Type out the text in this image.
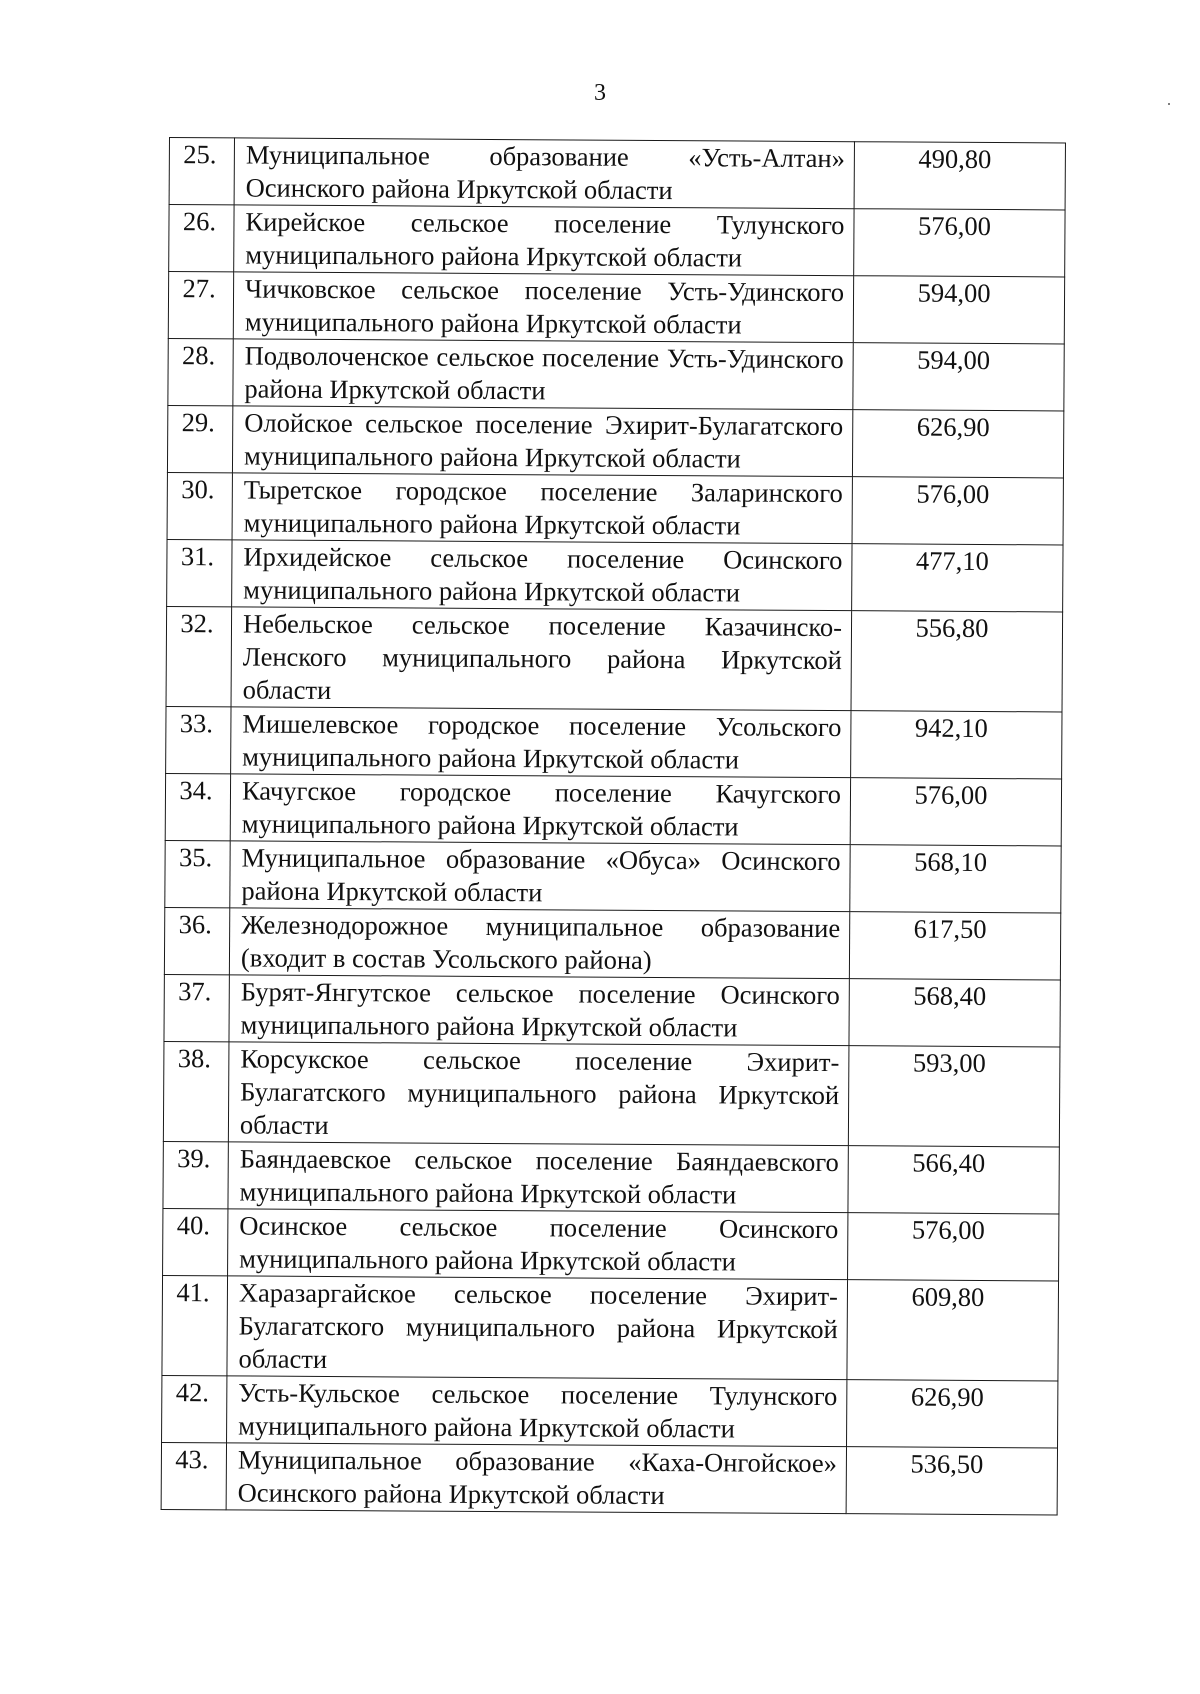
3
25.	Муниципальное образование «Усть-Алтан» Осинского района Иркутской области	490,80
26.	Кирейское сельское поселение Тулунского муниципального района Иркутской области	576,00
27.	Чичковское сельское поселение Усть-Удинского муниципального района Иркутской области	594,00
28.	Подволоченское сельское поселение Усть-Удинского района Иркутской области	594,00
29.	Олойское сельское поселение Эхирит-Булагатского муниципального района Иркутской области	626,90
30.	Тыретское городское поселение Заларинского муниципального района Иркутской области	576,00
31.	Ирхидейское сельское поселение Осинского муниципального района Иркутской области	477,10
32.	Небельское сельское поселение Казачинско-Ленского муниципального района Иркутской области	556,80
33.	Мишелевское городское поселение Усольского муниципального района Иркутской области	942,10
34.	Качугское городское поселение Качугского муниципального района Иркутской области	576,00
35.	Муниципальное образование «Обуса» Осинского района Иркутской области	568,10
36.	Железнодорожное муниципальное образование (входит в состав Усольского района)	617,50
37.	Бурят-Янгутское сельское поселение Осинского муниципального района Иркутской области	568,40
38.	Корсукское сельское поселение Эхирит-Булагатского муниципального района Иркутской области	593,00
39.	Баяндаевское сельское поселение Баяндаевского муниципального района Иркутской области	566,40
40.	Осинское сельское поселение Осинского муниципального района Иркутской области	576,00
41.	Харазаргайское сельское поселение Эхирит-Булагатского муниципального района Иркутской области	609,80
42.	Усть-Кульское сельское поселение Тулунского муниципального района Иркутской области	626,90
43.	Муниципальное образование «Каха-Онгойское» Осинского района Иркутской области	536,50
